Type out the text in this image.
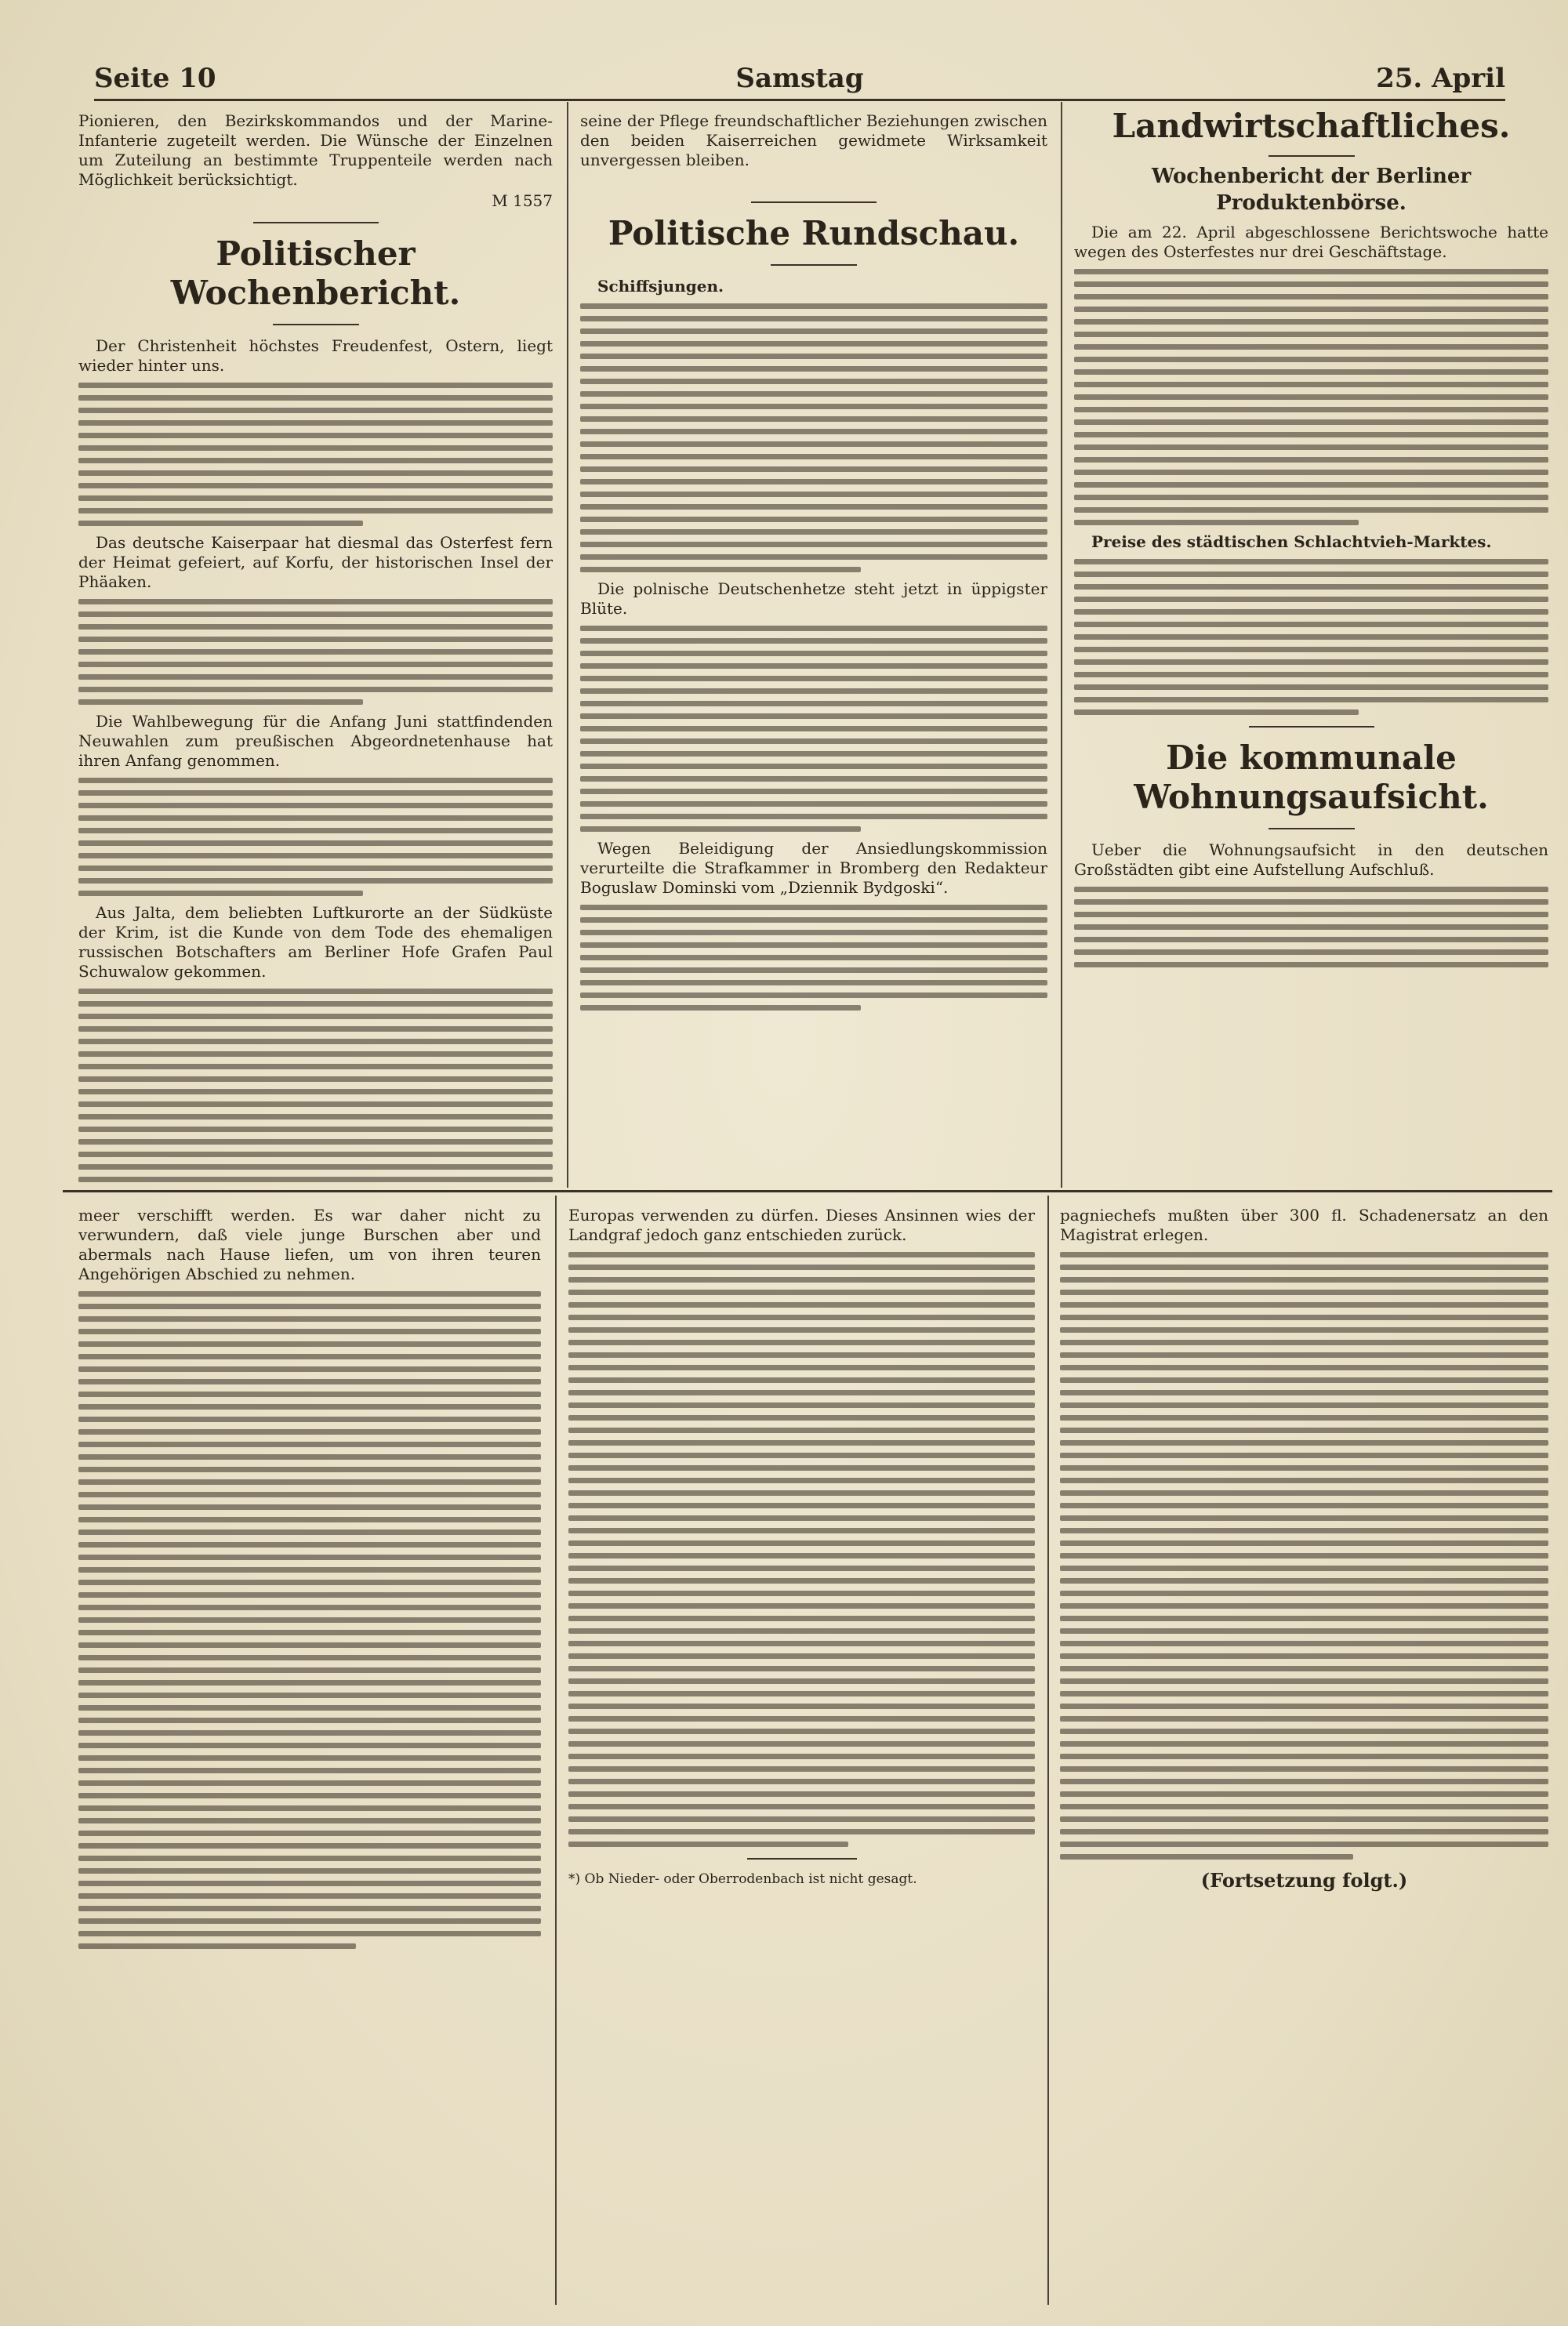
Seite 10	Samstag	25. April
Pionieren, den Bezirkskommandos und der Marine-Infanterie zugeteilt werden. Die Wünsche der Einzelnen um Zuteilung an bestimmte Truppenteile werden nach Möglichkeit berücksichtigt.
M 1557
Politischer Wochenbericht.
Der Christenheit höchstes Freudenfest, Ostern, liegt wieder hinter uns.
Das deutsche Kaiserpaar hat diesmal das Osterfest fern der Heimat gefeiert, auf Korfu, der historischen Insel der Phäaken.
Die Wahlbewegung für die Anfang Juni stattfindenden Neuwahlen zum preußischen Abgeordnetenhause hat ihren Anfang genommen.
Aus Jalta, dem beliebten Luftkurorte an der Südküste der Krim, ist die Kunde von dem Tode des ehemaligen russischen Botschafters am Berliner Hofe Grafen Paul Schuwalow gekommen.
seine der Pflege freundschaftlicher Beziehungen zwischen den beiden Kaiserreichen gewidmete Wirksamkeit unvergessen bleiben.
Politische Rundschau.
Schiffsjungen.
Die polnische Deutschenhetze steht jetzt in üppigster Blüte.
Wegen Beleidigung der Ansiedlungskommission verurteilte die Strafkammer in Bromberg den Redakteur Boguslaw Dominski vom „Dziennik Bydgoski“.
Landwirtschaftliches.
Wochenbericht der Berliner Produktenbörse.
Die am 22. April abgeschlossene Berichtswoche hatte wegen des Osterfestes nur drei Geschäftstage.
Preise des städtischen Schlachtvieh-Marktes.
Die kommunale Wohnungsaufsicht.
Ueber die Wohnungsaufsicht in den deutschen Großstädten gibt eine Aufstellung Aufschluß.
meer verschifft werden. Es war daher nicht zu verwundern, daß viele junge Burschen aber und abermals nach Hause liefen, um von ihren teuren Angehörigen Abschied zu nehmen.
Europas verwenden zu dürfen. Dieses Ansinnen wies der Landgraf jedoch ganz entschieden zurück.
*) Ob Nieder- oder Oberrodenbach ist nicht gesagt.
pagniechefs mußten über 300 fl. Schadenersatz an den Magistrat erlegen.
(Fortsetzung folgt.)
